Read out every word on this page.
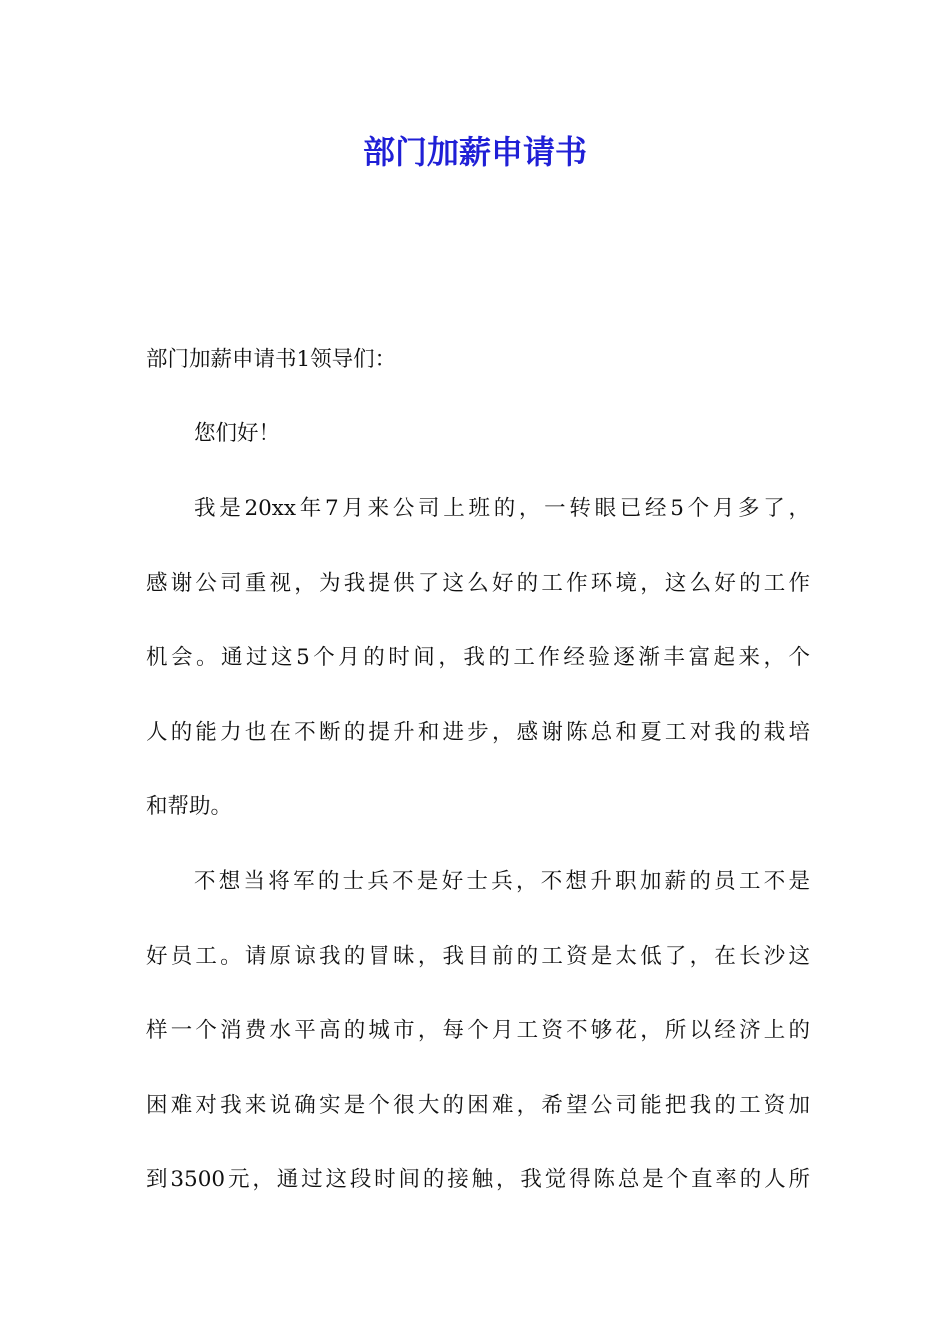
部门加薪申请书
部门加薪申请书1领导们：
您们好！
我是20xx年7月来公司上班的，一转眼已经5个月多了，
感谢公司重视，为我提供了这么好的工作环境，这么好的工作
机会。通过这5个月的时间，我的工作经验逐渐丰富起来，个
人的能力也在不断的提升和进步，感谢陈总和夏工对我的栽培
和帮助。
不想当将军的士兵不是好士兵，不想升职加薪的员工不是
好员工。请原谅我的冒昧，我目前的工资是太低了，在长沙这
样一个消费水平高的城市，每个月工资不够花，所以经济上的
困难对我来说确实是个很大的困难，希望公司能把我的工资加
到3500元，通过这段时间的接触，我觉得陈总是个直率的人所
